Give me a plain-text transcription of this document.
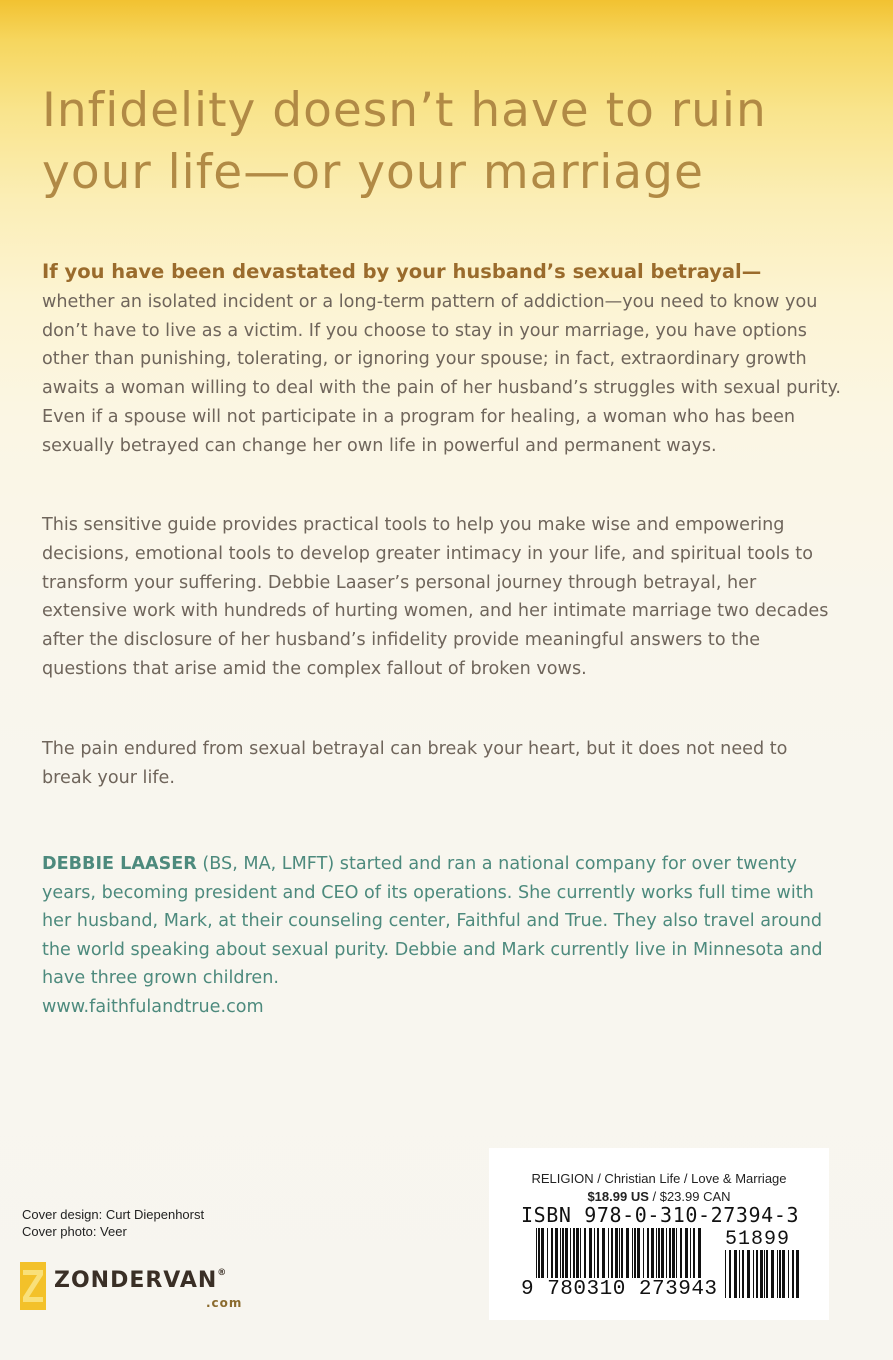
Infidelity doesn’t have to ruin
your life—or your marriage
If you have been devastated by your husband’s sexual betrayal—
whether an isolated incident or a long-term pattern of addiction—you need to know you don’t have to live as a victim. If you choose to stay in your marriage, you have options other than punishing, tolerating, or ignoring your spouse; in fact, extraordinary growth awaits a woman willing to deal with the pain of her husband’s struggles with sexual purity. Even if a spouse will not participate in a program for healing, a woman who has been sexually betrayed can change her own life in powerful and permanent ways.
This sensitive guide provides practical tools to help you make wise and empowering decisions, emotional tools to develop greater intimacy in your life, and spiritual tools to transform your suffering. Debbie Laaser’s personal journey through betrayal, her extensive work with hundreds of hurting women, and her intimate marriage two decades after the disclosure of her husband’s infidelity provide meaningful answers to the questions that arise amid the complex fallout of broken vows.
The pain endured from sexual betrayal can break your heart, but it does not need to break your life.
DEBBIE LAASER (BS, MA, LMFT) started and ran a national company for over twenty years, becoming president and CEO of its operations. She currently works full time with her husband, Mark, at their counseling center, Faithful and True. They also travel around the world speaking about sexual purity. Debbie and Mark currently live in Minnesota and have three grown children.
www.faithfulandtrue.com
Cover design: Curt Diepenhorst
Cover photo: Veer
ZONDERVAN®
.com
RELIGION / Christian Life / Love & Marriage
$18.99 US / $23.99 CAN
ISBN 978-0-310-27394-3
51899
9 780310 273943
